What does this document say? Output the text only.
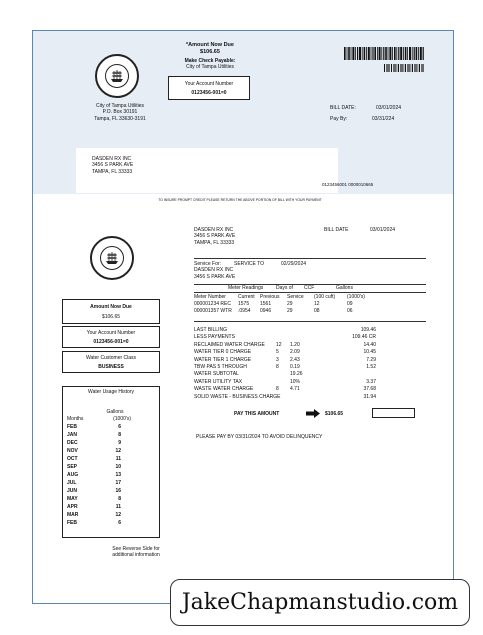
*Amount Now Due
$106.65
Make Check Payable:
City of Tampa Utilities
Your Account Number
0123456-001=0
City of Tampa Utilities
P.O. Box 30191
Tampa, FL 33630-3191
BILL DATE:	03/01/2024
Pay By:	03/31/224
DASDEN RX INC
3456 S PARK AVE
TAMPA, FL 33333
0123456001 0000010665
TO INSURE PROMPT CREDIT PLEASE RETURN THE ABOVE PORTION OF BILL WITH YOUR PAYMENT
Amount Now Due
$106.65
Your Account Number
0123456-001=0
Water Customer Class
BUSINESS
Water Usage History
Gallons
Months	(1000's)
FEB	6
JAN	8
DEC	9
NOV	12
OCT	11
SEP	10
AUG	13
JUL	17
JUN	16
MAY	8
APR	11
MAR	12
FEB	6
See Reverse Side for
additional information
DASDEN RX INC
3456 S PARK AVE
TAMPA, FL 33333
BILL DATE	03/01/2024
Service For:	SERVICE TO	02/29/2024
DASDEN RX INC
3456 S PARK AVE
Meter Readings	Days of	CCF	Gallons
Meter Number	Current	Previous	Service	(100 cuft)	(1000's)
000001234 REC	1575	1561	29	12	09
000001357 WTR	.0954	0946	29	08	06
LAST BILLING	109.46
LESS PAYMENTS	109.46 CR
RECLAIMED WATER CHARGE	12	1.20	14.40
WATER TIER 0 CHARGE	5	2.09	10.45
WATER TIER 1 CHARGE	3	2.43	7.29
TBW PAS 5 THROUGH	8	0.19	1.52
WATER SUBTOTAL	19.26
WATER UTILITY TAX	10%	3.37
WASTE WATER CHARGE	8	4.71	37.68
SOLID WASTE - BUSINESS CHARGE	31.94
PAY THIS AMOUNT	$106.65
PLEASE PAY BY 03/31/2024 TO AVOID DELINQUENCY
JakeChapmanstudio.com
